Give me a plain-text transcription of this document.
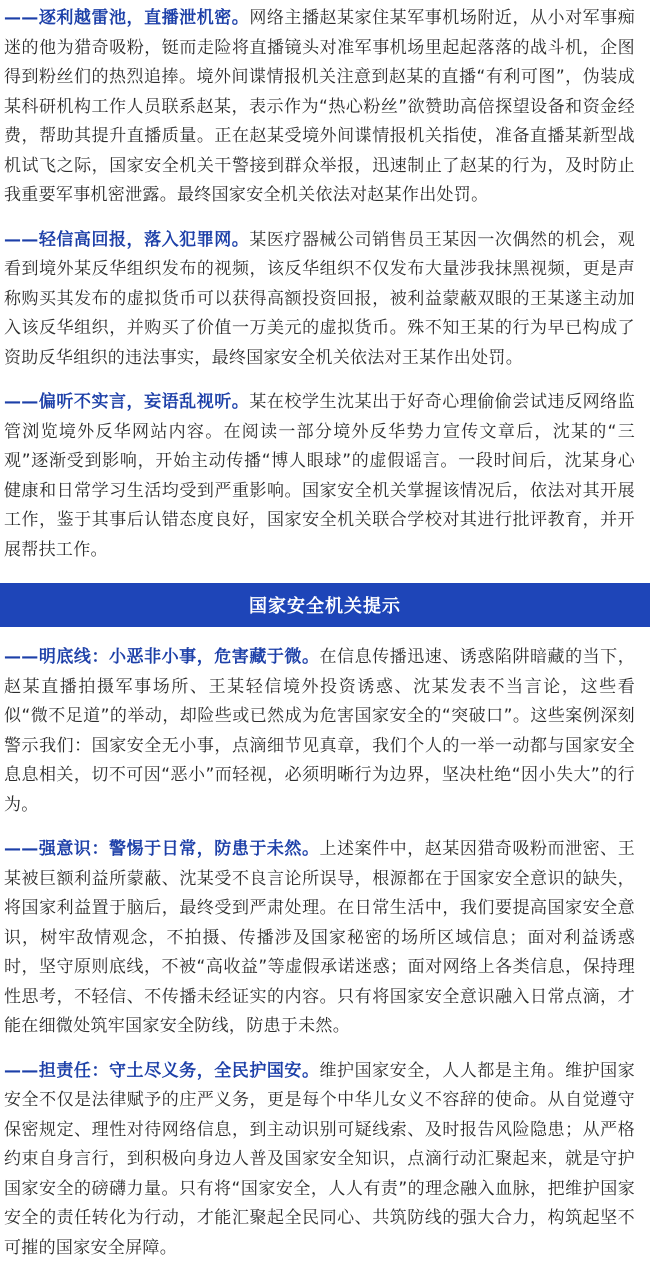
——逐利越雷池，直播泄机密。网络主播赵某家住某军事机场附近，从小对军事痴迷的他为猎奇吸粉，铤而走险将直播镜头对准军事机场里起起落落的战斗机，企图得到粉丝们的热烈追捧。境外间谍情报机关注意到赵某的直播“有利可图”，伪装成某科研机构工作人员联系赵某，表示作为“热心粉丝”欲赞助高倍探望设备和资金经费，帮助其提升直播质量。正在赵某受境外间谍情报机关指使，准备直播某新型战机试飞之际，国家安全机关干警接到群众举报，迅速制止了赵某的行为，及时防止我重要军事机密泄露。最终国家安全机关依法对赵某作出处罚。

——轻信高回报，落入犯罪网。某医疗器械公司销售员王某因一次偶然的机会，观看到境外某反华组织发布的视频，该反华组织不仅发布大量涉我抹黑视频，更是声称购买其发布的虚拟货币可以获得高额投资回报，被利益蒙蔽双眼的王某遂主动加入该反华组织，并购买了价值一万美元的虚拟货币。殊不知王某的行为早已构成了资助反华组织的违法事实，最终国家安全机关依法对王某作出处罚。

——偏听不实言，妄语乱视听。某在校学生沈某出于好奇心理偷偷尝试违反网络监管浏览境外反华网站内容。在阅读一部分境外反华势力宣传文章后，沈某的“三观”逐渐受到影响，开始主动传播“博人眼球”的虚假谣言。一段时间后，沈某身心健康和日常学习生活均受到严重影响。国家安全机关掌握该情况后，依法对其开展工作，鉴于其事后认错态度良好，国家安全机关联合学校对其进行批评教育，并开展帮扶工作。

国家安全机关提示

——明底线：小恶非小事，危害藏于微。在信息传播迅速、诱惑陷阱暗藏的当下，赵某直播拍摄军事场所、王某轻信境外投资诱惑、沈某发表不当言论，这些看似“微不足道”的举动，却险些或已然成为危害国家安全的“突破口”。这些案例深刻警示我们：国家安全无小事，点滴细节见真章，我们个人的一举一动都与国家安全息息相关，切不可因“恶小”而轻视，必须明晰行为边界，坚决杜绝“因小失大”的行为。

——强意识：警惕于日常，防患于未然。上述案件中，赵某因猎奇吸粉而泄密、王某被巨额利益所蒙蔽、沈某受不良言论所误导，根源都在于国家安全意识的缺失，将国家利益置于脑后，最终受到严肃处理。在日常生活中，我们要提高国家安全意识，树牢敌情观念，不拍摄、传播涉及国家秘密的场所区域信息；面对利益诱惑时，坚守原则底线，不被“高收益”等虚假承诺迷惑；面对网络上各类信息，保持理性思考，不轻信、不传播未经证实的内容。只有将国家安全意识融入日常点滴，才能在细微处筑牢国家安全防线，防患于未然。

——担责任：守土尽义务，全民护国安。维护国家安全，人人都是主角。维护国家安全不仅是法律赋予的庄严义务，更是每个中华儿女义不容辞的使命。从自觉遵守保密规定、理性对待网络信息，到主动识别可疑线索、及时报告风险隐患；从严格约束自身言行，到积极向身边人普及国家安全知识，点滴行动汇聚起来，就是守护国家安全的磅礴力量。只有将“国家安全，人人有责”的理念融入血脉，把维护国家安全的责任转化为行动，才能汇聚起全民同心、共筑防线的强大合力，构筑起坚不可摧的国家安全屏障。
